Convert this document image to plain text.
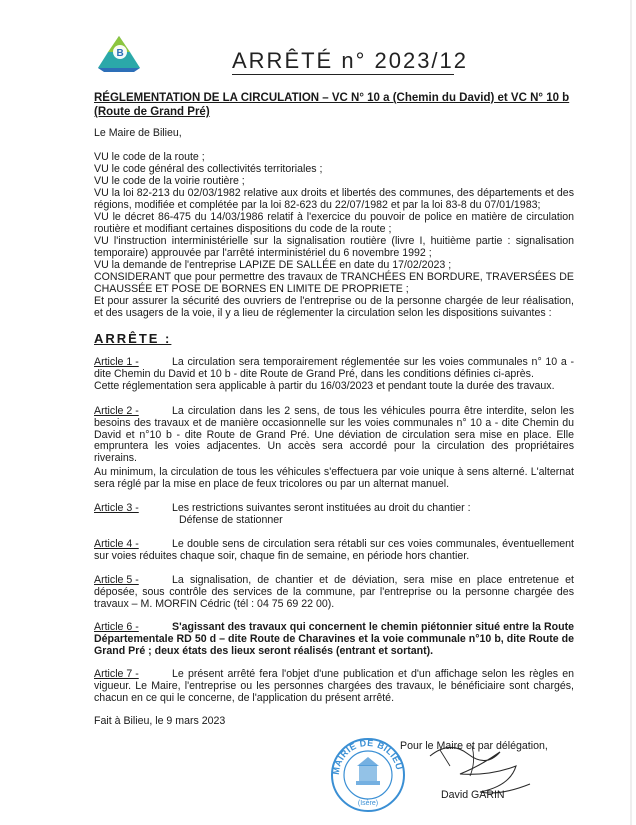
B	ARRÊTÉ n° 2023/12
RÉGLEMENTATION DE LA CIRCULATION – VC N° 10 a (Chemin du David) et VC N° 10 b (Route de Grand Pré)
Le Maire de Bilieu,
VU le code de la route ;
VU le code général des collectivités territoriales ;
VU le code de la voirie routière ;
VU la loi 82-213 du 02/03/1982 relative aux droits et libertés des communes, des départements et des régions, modifiée et complétée par la loi 82-623 du 22/07/1982 et par la loi 83-8 du 07/01/1983;
VU le décret 86-475 du 14/03/1986 relatif à l'exercice du pouvoir de police en matière de circulation routière et modifiant certaines dispositions du code de la route ;
VU l'instruction interministérielle sur la signalisation routière (livre I, huitième partie : signalisation temporaire) approuvée par l'arrêté interministériel du 6 novembre 1992 ;
VU la demande de l'entreprise LAPIZE DE SALLÉE en date du 17/02/2023 ;
CONSIDERANT que pour permettre des travaux de TRANCHÉES EN BORDURE, TRAVERSÉES DE CHAUSSÉE ET POSE DE BORNES EN LIMITE DE PROPRIETE ;
Et pour assurer la sécurité des ouvriers de l'entreprise ou de la personne chargée de leur réalisation, et des usagers de la voie, il y a lieu de réglementer la circulation selon les dispositions suivantes :
ARRÊTE :
Article 1 -	La circulation sera temporairement réglementée sur les voies communales n° 10 a - dite Chemin du David et 10 b - dite Route de Grand Pré, dans les conditions définies ci-après.
Cette réglementation sera applicable à partir du 16/03/2023 et pendant toute la durée des travaux.
Article 2 -	La circulation dans les 2 sens, de tous les véhicules pourra être interdite, selon les besoins des travaux et de manière occasionnelle sur les voies communales n° 10 a - dite Chemin du David et n°10 b - dite Route de Grand Pré. Une déviation de circulation sera mise en place. Elle empruntera les voies adjacentes. Un accès sera accordé pour la circulation des propriétaires riverains.
Au minimum, la circulation de tous les véhicules s'effectuera par voie unique à sens alterné. L'alternat sera réglé par la mise en place de feux tricolores ou par un alternat manuel.
Article 3 -	Les restrictions suivantes seront instituées au droit du chantier :
Défense de stationner
Article 4 -	Le double sens de circulation sera rétabli sur ces voies communales, éventuellement sur voies réduites chaque soir, chaque fin de semaine, en période hors chantier.
Article 5 -	La signalisation, de chantier et de déviation, sera mise en place entretenue et déposée, sous contrôle des services de la commune, par l'entreprise ou la personne chargée des travaux – M. MORFIN Cédric (tél : 04 75 69 22 00).
Article 6 -	S'agissant des travaux qui concernent le chemin piétonnier situé entre la Route Départementale RD 50 d – dite Route de Charavines et la voie communale n°10 b, dite Route de Grand Pré ; deux états des lieux seront réalisés (entrant et sortant).
Article 7 -	Le présent arrêté fera l'objet d'une publication et d'un affichage selon les règles en vigueur. Le Maire, l'entreprise ou les personnes chargées des travaux, le bénéficiaire sont chargés, chacun en ce qui le concerne, de l'application du présent arrêté.
Fait à Bilieu, le 9 mars 2023
MAIRIE DE BILIEU
(Isère)
Pour le Maire et par délégation,
David GARIN
